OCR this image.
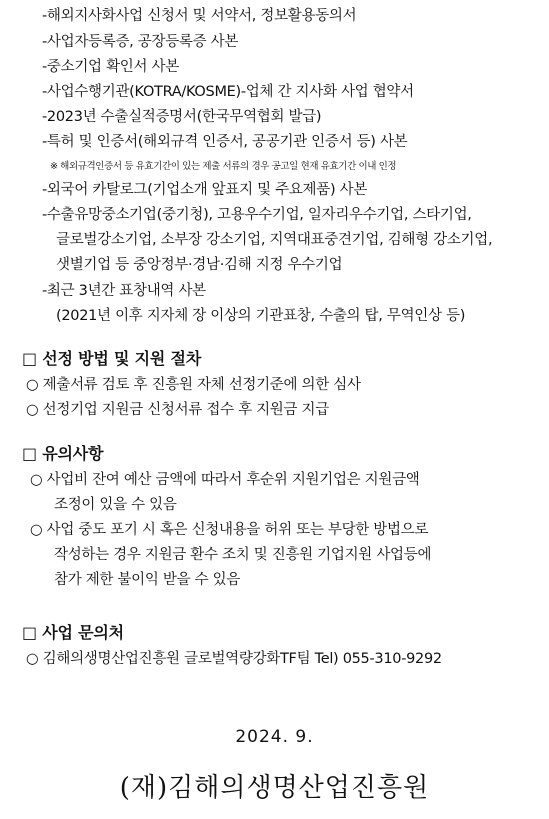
-해외지사화사업 신청서 및 서약서, 정보활용동의서
-사업자등록증, 공장등록증 사본
-중소기업 확인서 사본
-사업수행기관(KOTRA/KOSME)-업체 간 지사화 사업 협약서
-2023년 수출실적증명서(한국무역협회 발급)
-특허 및 인증서(해외규격 인증서, 공공기관 인증서 등) 사본
※ 해외규격인증서 등 유효기간이 있는 제출 서류의 경우 공고일 현재 유효기간 이내 인정
-외국어 카탈로그(기업소개 앞표지 및 주요제품) 사본
-수출유망중소기업(중기청), 고용우수기업, 일자리우수기업, 스타기업,
글로벌강소기업, 소부장 강소기업, 지역대표중견기업, 김해형 강소기업,
샛별기업 등 중앙정부·경남·김해 지정 우수기업
-최근 3년간 표창내역 사본
(2021년 이후 지자체 장 이상의 기관표창, 수출의 탑, 무역인상 등)
□ 선정 방법 및 지원 절차
○ 제출서류 검토 후 진흥원 자체 선정기준에 의한 심사
○ 선정기업 지원금 신청서류 접수 후 지원금 지급
□ 유의사항
○ 사업비 잔여 예산 금액에 따라서 후순위 지원기업은 지원금액
조정이 있을 수 있음
○ 사업 중도 포기 시 혹은 신청내용을 허위 또는 부당한 방법으로
작성하는 경우 지원금 환수 조치 및 진흥원 기업지원 사업등에
참가 제한 불이익 받을 수 있음
□ 사업 문의처
○ 김해의생명산업진흥원 글로벌역량강화TF팀 Tel) 055-310-9292
2024. 9.
(재)김해의생명산업진흥원
